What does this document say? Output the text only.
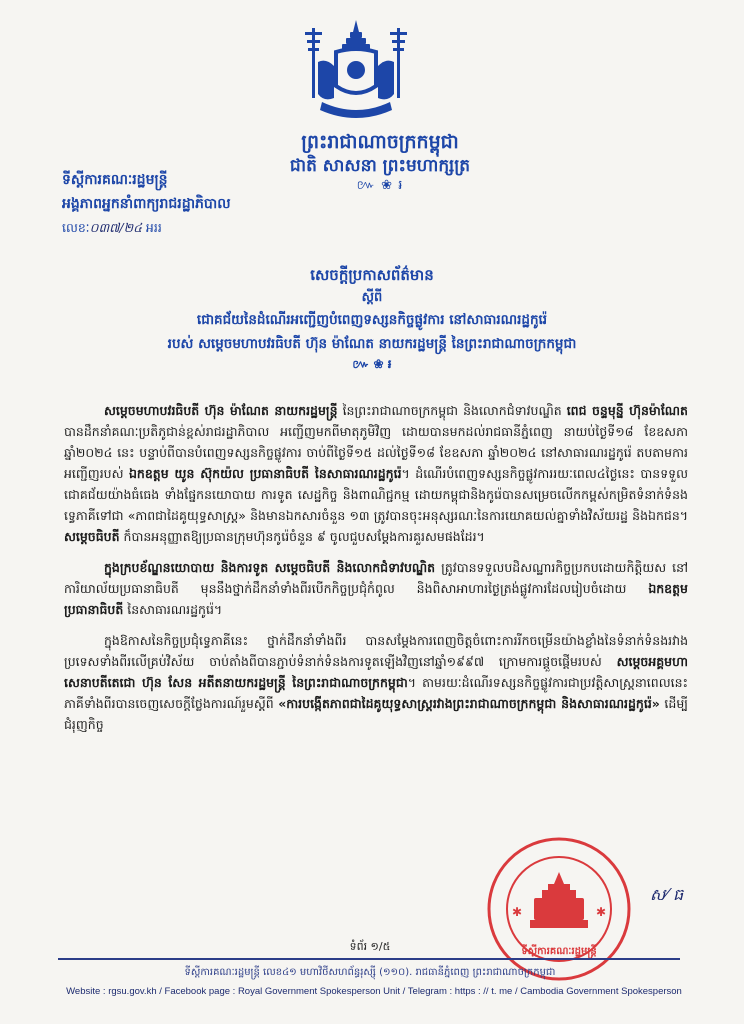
ព្រះរាជាណាចក្រកម្ពុជា
ជាតិ សាសនា ព្រះមហាក្សត្រ
៚ ❀ ៛
ទីស្តីការគណៈរដ្ឋមន្ត្រី
អង្គភាពអ្នកនាំពាក្យរាជរដ្ឋាភិបាល
លេខៈ០៣៧/២៤ អររ
សេចក្តីប្រកាសព័ត៌មាន
ស្តីពី
ជោគជ័យនៃដំណើរអញ្ជើញបំពេញទស្សនកិច្ចផ្លូវការ នៅសាធារណរដ្ឋកូរ៉េ
របស់ សម្តេចមហាបវរធិបតី ហ៊ុន ម៉ាណែត នាយករដ្ឋមន្ត្រី នៃព្រះរាជាណាចក្រកម្ពុជា
៚ ❀ ៛

សម្តេចមហាបវរធិបតី ហ៊ុន ម៉ាណែត នាយករដ្ឋមន្ត្រី នៃព្រះរាជាណាចក្រកម្ពុជា និងលោកជំទាវបណ្ឌិត ពេជ ចន្ទមុន្នី ហ៊ុនម៉ាណែត បានដឹកនាំគណៈប្រតិភូជាន់ខ្ពស់រាជរដ្ឋាភិបាល អញ្ជើញមកពីមាតុភូមិវិញ ដោយបានមកដល់រាជធានីភ្នំពេញ នាយប់ថ្ងៃទី១៨ ខែឧសភា ឆ្នាំ២០២៤ នេះ បន្ទាប់ពីបានបំពេញទស្សនកិច្ចផ្លូវការ ចាប់ពីថ្ងៃទី១៥ ដល់ថ្ងៃទី១៨ ខែឧសភា ឆ្នាំ២០២៤ នៅសាធារណរដ្ឋកូរ៉េ តបតាមការអញ្ជើញរបស់ ឯកឧត្តម យូន ស៊ុកយ៉ល ប្រធានាធិបតី នៃសាធារណរដ្ឋកូរ៉េ។ ដំណើរបំពេញទស្សនកិច្ចផ្លូវការរយៈពេល៤ថ្ងៃនេះ បានទទួលជោគជ័យយ៉ាងធំធេង ទាំងផ្នែកនយោបាយ ការទូត សេដ្ឋកិច្ច និងពាណិជ្ជកម្ម ដោយកម្ពុជានិងកូរ៉េបានសម្រេចលើកកម្ពស់កម្រិតទំនាក់ទំនងទ្វេភាគីទៅជា «ភាពជាដៃគូយុទ្ធសាស្ត្រ» និងមានឯកសារចំនួន ១៣ ត្រូវបានចុះអនុស្សរណៈនៃការយោគយល់គ្នាទាំងវិស័យរដ្ឋ និងឯកជន។ សម្តេចធិបតី ក៏បានអនុញ្ញាតឱ្យប្រធានក្រុមហ៊ុនកូរ៉េចំនួន ៩ ចូលជួបសម្តែងការគួរសមផងដែរ។

ក្នុងក្របខ័ណ្ឌនយោបាយ និងការទូត សម្តេចធិបតី និងលោកជំទាវបណ្ឌិត ត្រូវបានទទួលបដិសណ្ឋារកិច្ចប្រកបដោយកិត្តិយស នៅការិយាល័យប្រធានាធិបតី មុននឹងថ្នាក់ដឹកនាំទាំងពីរបើកកិច្ចប្រជុំកំពូល និងពិសាអាហារថ្ងៃត្រង់ផ្លូវការដែលរៀបចំដោយ ឯកឧត្តមប្រធានាធិបតី នៃសាធារណរដ្ឋកូរ៉េ។

ក្នុងឱកាសនៃកិច្ចប្រជុំទ្វេភាគីនេះ ថ្នាក់ដឹកនាំទាំងពីរ បានសម្តែងការពេញចិត្តចំពោះការរីកចម្រើនយ៉ាងខ្លាំងនៃទំនាក់ទំនងរវាងប្រទេសទាំងពីរលើគ្រប់វិស័យ ចាប់តាំងពីបានភ្ជាប់ទំនាក់ទំនងការទូតឡើងវិញនៅឆ្នាំ១៩៩៧ ក្រោមការផ្តួចផ្តើមរបស់ សម្តេចអគ្គមហាសេនាបតីតេជោ ហ៊ុន សែន អតីតនាយករដ្ឋមន្ត្រី នៃព្រះរាជាណាចក្រកម្ពុជា។ តាមរយៈដំណើរទស្សនកិច្ចផ្លូវការជាប្រវត្តិសាស្ត្រនាពេលនេះ ភាគីទាំងពីរបានចេញសេចក្តីថ្លែងការណ៍រួមស្តីពី «ការបង្កើតភាពជាដៃគូយុទ្ធសាស្ត្ររវាងព្រះរាជាណាចក្រកម្ពុជា និងសាធារណរដ្ឋកូរ៉េ» ដើម្បីជំរុញកិច្ច

ស⁄ ធ
✱	✱
ទីស្តីការគណៈរដ្ឋមន្ត្រី
ទំព័រ ១/៥
ទីស្តីការគណៈរដ្ឋមន្ត្រី លេខ៤១ មហាវិថីសហព័ន្ធរុស្ស៊ី (១១០). រាជធានីភ្នំពេញ ព្រះរាជាណាចក្រកម្ពុជា
Website : rgsu.gov.kh / Facebook page : Royal Government Spokesperson Unit / Telegram : https : // t. me / Cambodia Government Spokesperson
